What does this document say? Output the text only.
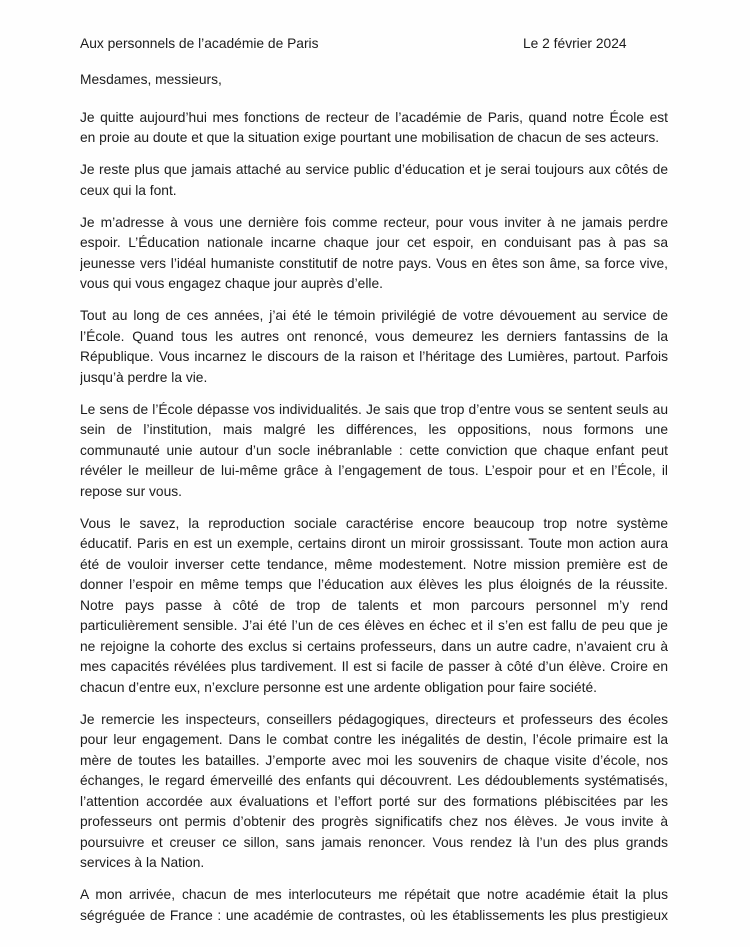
Aux personnels de l’académie de Paris	Le 2 février 2024
Mesdames, messieurs,
Je quitte aujourd’hui mes fonctions de recteur de l’académie de Paris, quand notre École est
en proie au doute et que la situation exige pourtant une mobilisation de chacun de ses acteurs.
Je reste plus que jamais attaché au service public d’éducation et je serai toujours aux côtés de
ceux qui la font.
Je m’adresse à vous une dernière fois comme recteur, pour vous inviter à ne jamais perdre
espoir. L’Éducation nationale incarne chaque jour cet espoir, en conduisant pas à pas sa
jeunesse vers l’idéal humaniste constitutif de notre pays. Vous en êtes son âme, sa force vive,
vous qui vous engagez chaque jour auprès d’elle.
Tout au long de ces années, j’ai été le témoin privilégié de votre dévouement au service de
l’École. Quand tous les autres ont renoncé, vous demeurez les derniers fantassins de la
République. Vous incarnez le discours de la raison et l’héritage des Lumières, partout. Parfois
jusqu’à perdre la vie.
Le sens de l’École dépasse vos individualités. Je sais que trop d’entre vous se sentent seuls au
sein de l’institution, mais malgré les différences, les oppositions, nous formons une
communauté unie autour d’un socle inébranlable : cette conviction que chaque enfant peut
révéler le meilleur de lui-même grâce à l’engagement de tous. L’espoir pour et en l’École, il
repose sur vous.
Vous le savez, la reproduction sociale caractérise encore beaucoup trop notre système
éducatif. Paris en est un exemple, certains diront un miroir grossissant. Toute mon action aura
été de vouloir inverser cette tendance, même modestement. Notre mission première est de
donner l’espoir en même temps que l’éducation aux élèves les plus éloignés de la réussite.
Notre pays passe à côté de trop de talents et mon parcours personnel m’y rend
particulièrement sensible. J’ai été l’un de ces élèves en échec et il s’en est fallu de peu que je
ne rejoigne la cohorte des exclus si certains professeurs, dans un autre cadre, n’avaient cru à
mes capacités révélées plus tardivement. Il est si facile de passer à côté d’un élève. Croire en
chacun d’entre eux, n’exclure personne est une ardente obligation pour faire société.
Je remercie les inspecteurs, conseillers pédagogiques, directeurs et professeurs des écoles
pour leur engagement. Dans le combat contre les inégalités de destin, l’école primaire est la
mère de toutes les batailles. J’emporte avec moi les souvenirs de chaque visite d’école, nos
échanges, le regard émerveillé des enfants qui découvrent. Les dédoublements systématisés,
l’attention accordée aux évaluations et l’effort porté sur des formations plébiscitées par les
professeurs ont permis d’obtenir des progrès significatifs chez nos élèves. Je vous invite à
poursuivre et creuser ce sillon, sans jamais renoncer. Vous rendez là l’un des plus grands
services à la Nation.
A mon arrivée, chacun de mes interlocuteurs me répétait que notre académie était la plus
ségréguée de France : une académie de contrastes, où les établissements les plus prestigieux
